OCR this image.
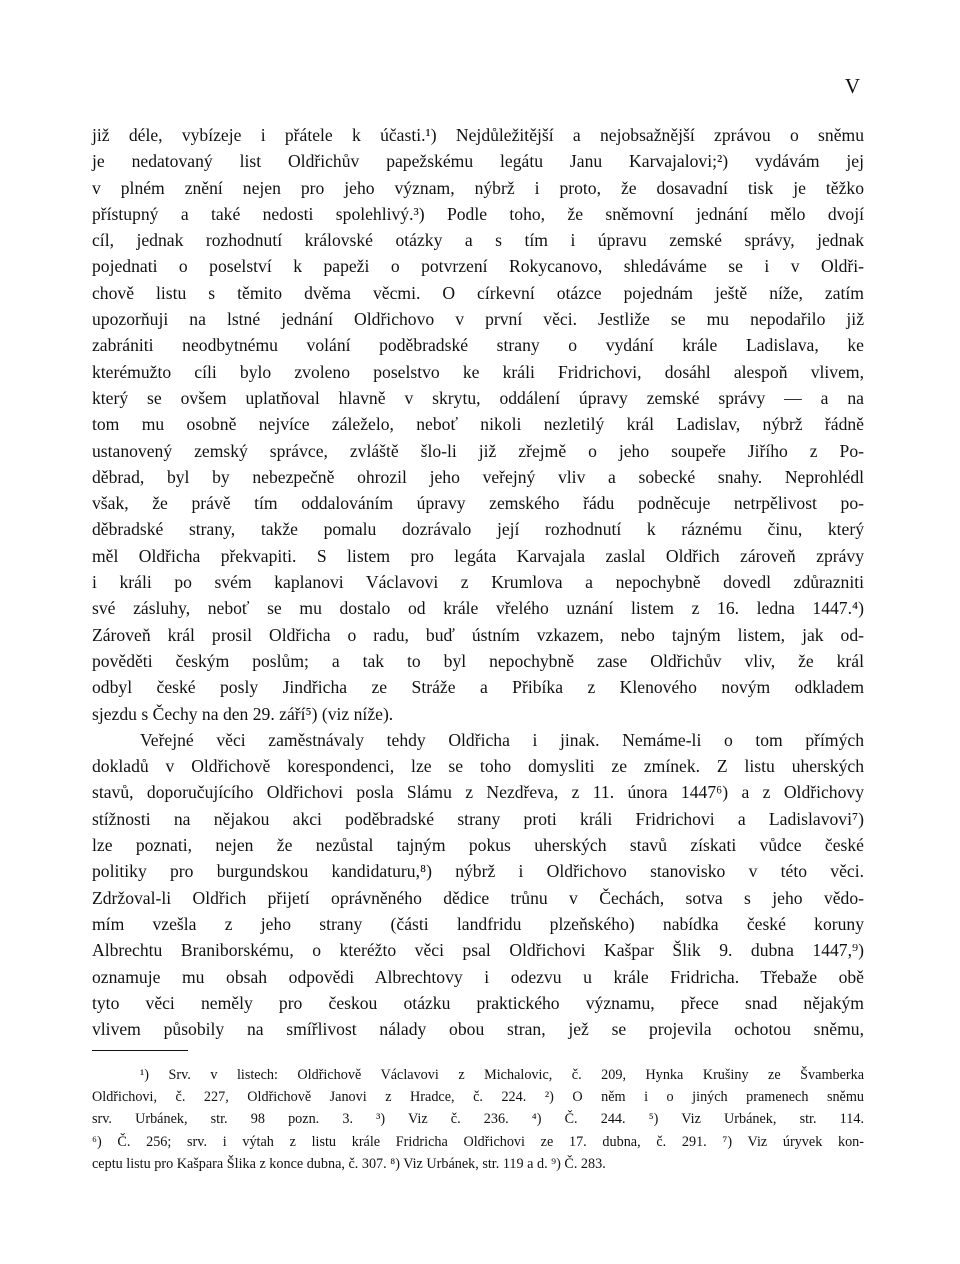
V
již déle, vybízeje i přátele k účasti.¹) Nejdůležitější a nejobsažnější zprávou o sněmu
je nedatovaný list Oldřichův papežskému legátu Janu Karvajalovi;²) vydávám jej
v plném znění nejen pro jeho význam, nýbrž i proto, že dosavadní tisk je těžko
přístupný a také nedosti spolehlivý.³) Podle toho, že sněmovní jednání mělo dvojí
cíl, jednak rozhodnutí královské otázky a s tím i úpravu zemské správy, jednak
pojednati o poselství k papeži o potvrzení Rokycanovo, shledáváme se i v Oldři-
chově listu s těmito dvěma věcmi. O církevní otázce pojednám ještě níže, zatím
upozorňuji na lstné jednání Oldřichovo v první věci. Jestliže se mu nepodařilo již
zabrániti neodbytnému volání poděbradské strany o vydání krále Ladislava, ke
kterémužto cíli bylo zvoleno poselstvo ke králi Fridrichovi, dosáhl alespoň vlivem,
který se ovšem uplatňoval hlavně v skrytu, oddálení úpravy zemské správy — a na
tom mu osobně nejvíce záleželo, neboť nikoli nezletilý král Ladislav, nýbrž řádně
ustanovený zemský správce, zvláště šlo-li již zřejmě o jeho soupeře Jiřího z Po-
děbrad, byl by nebezpečně ohrozil jeho veřejný vliv a sobecké snahy. Neprohlédl
však, že právě tím oddalováním úpravy zemského řádu podněcuje netrpělivost po-
děbradské strany, takže pomalu dozrávalo její rozhodnutí k ráznému činu, který
měl Oldřicha překvapiti. S listem pro legáta Karvajala zaslal Oldřich zároveň zprávy
i králi po svém kaplanovi Václavovi z Krumlova a nepochybně dovedl zdůrazniti
své zásluhy, neboť se mu dostalo od krále vřelého uznání listem z 16. ledna 1447.⁴)
Zároveň král prosil Oldřicha o radu, buď ústním vzkazem, nebo tajným listem, jak od-
pověděti českým poslům; a tak to byl nepochybně zase Oldřichův vliv, že král
odbyl české posly Jindřicha ze Stráže a Přibíka z Klenového novým odkladem
sjezdu s Čechy na den 29. září⁵) (viz níže).
Veřejné věci zaměstnávaly tehdy Oldřicha i jinak. Nemáme-li o tom přímých
dokladů v Oldřichově korespondenci, lze se toho domysliti ze zmínek. Z listu uherských
stavů, doporučujícího Oldřichovi posla Slámu z Nezdřeva, z 11. února 1447⁶) a z Oldřichovy
stížnosti na nějakou akci poděbradské strany proti králi Fridrichovi a Ladislavovi⁷)
lze poznati, nejen že nezůstal tajným pokus uherských stavů získati vůdce české
politiky pro burgundskou kandidaturu,⁸) nýbrž i Oldřichovo stanovisko v této věci.
Zdržoval-li Oldřich přijetí oprávněného dědice trůnu v Čechách, sotva s jeho vědo-
mím vzešla z jeho strany (části landfridu plzeňského) nabídka české koruny
Albrechtu Braniborskému, o kteréžto věci psal Oldřichovi Kašpar Šlik 9. dubna 1447,⁹)
oznamuje mu obsah odpovědi Albrechtovy i odezvu u krále Fridricha. Třebaže obě
tyto věci neměly pro českou otázku praktického významu, přece snad nějakým
vlivem působily na smířlivost nálady obou stran, jež se projevila ochotou sněmu,
¹) Srv. v listech: Oldřichově Václavovi z Michalovic, č. 209, Hynka Krušiny ze Švamberka
Oldřichovi, č. 227, Oldřichově Janovi z Hradce, č. 224. ²) O něm i o jiných pramenech sněmu
srv. Urbánek, str. 98 pozn. 3. ³) Viz č. 236. ⁴) Č. 244. ⁵) Viz Urbánek, str. 114.
⁶) Č. 256; srv. i výtah z listu krále Fridricha Oldřichovi ze 17. dubna, č. 291. ⁷) Viz úryvek kon-
ceptu listu pro Kašpara Šlika z konce dubna, č. 307. ⁸) Viz Urbánek, str. 119 a d. ⁹) Č. 283.
